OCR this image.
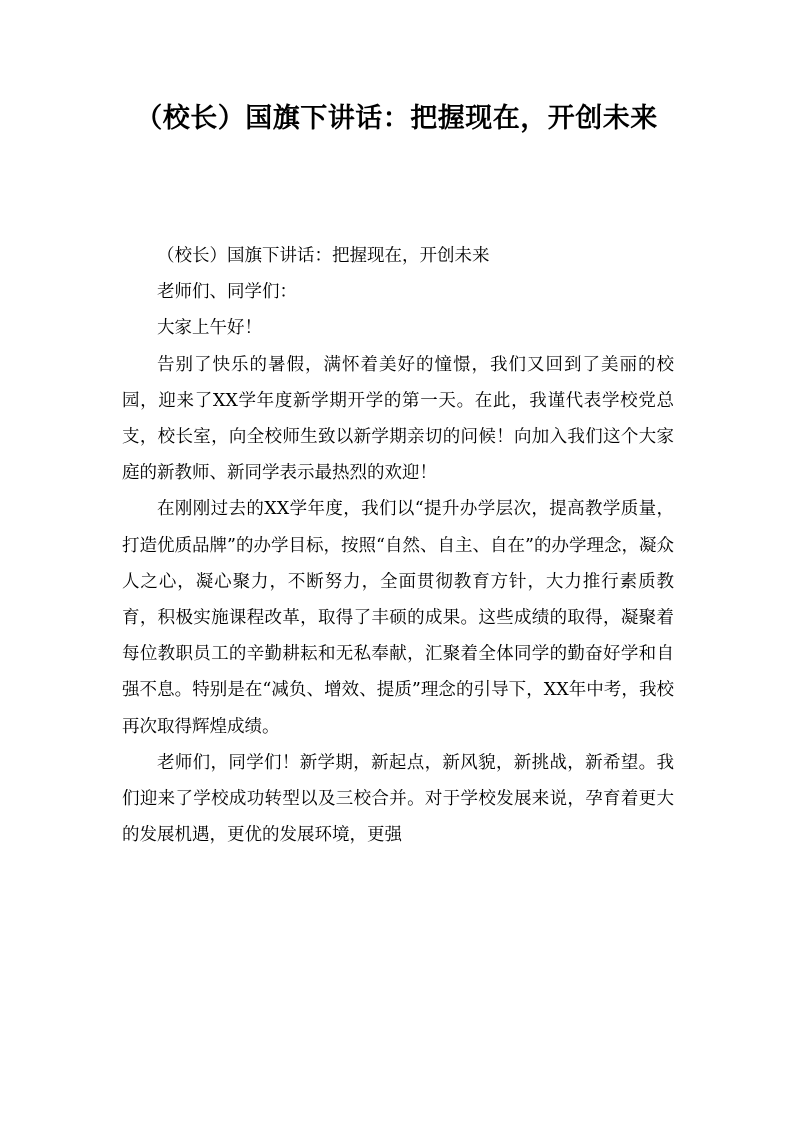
（校长）国旗下讲话：把握现在，开创未来

（校长）国旗下讲话：把握现在，开创未来

老师们、同学们：

大家上午好！

告别了快乐的暑假，满怀着美好的憧憬，我们又回到了美丽的校园，迎来了XX学年度新学期开学的第一天。在此，我谨代表学校党总支，校长室，向全校师生致以新学期亲切的问候！向加入我们这个大家庭的新教师、新同学表示最热烈的欢迎！

在刚刚过去的XX学年度，我们以“提升办学层次，提高教学质量，打造优质品牌”的办学目标，按照“自然、自主、自在”的办学理念，凝众人之心，凝心聚力，不断努力，全面贯彻教育方针，大力推行素质教育，积极实施课程改革，取得了丰硕的成果。这些成绩的取得，凝聚着每位教职员工的辛勤耕耘和无私奉献，汇聚着全体同学的勤奋好学和自强不息。特别是在“减负、增效、提质”理念的引导下，XX年中考，我校再次取得辉煌成绩。

老师们，同学们！新学期，新起点，新风貌，新挑战，新希望。我们迎来了学校成功转型以及三校合并。对于学校发展来说，孕育着更大的发展机遇，更优的发展环境，更强
